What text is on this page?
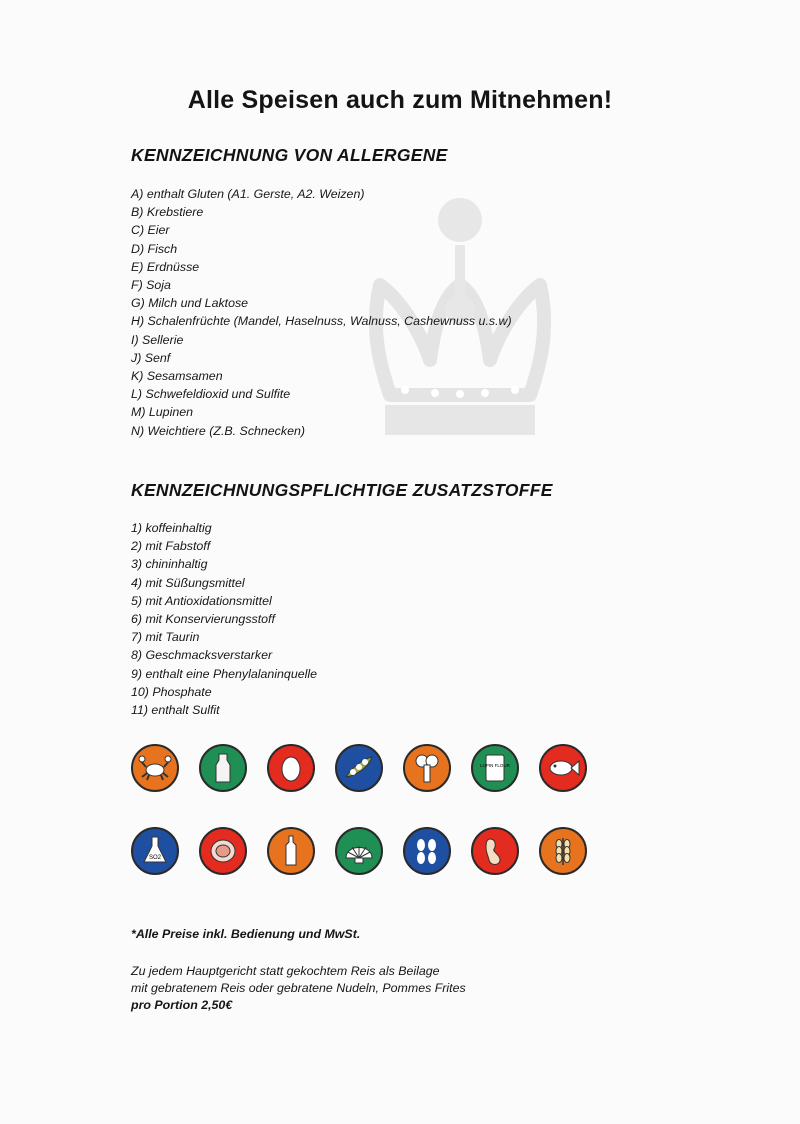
Alle Speisen auch zum Mitnehmen!
KENNZEICHNUNG VON ALLERGENE
A) enthalt Gluten (A1. Gerste, A2. Weizen)
B) Krebstiere
C) Eier
D) Fisch
E) Erdnüsse
F) Soja
G) Milch und Laktose
H) Schalenfrüchte (Mandel, Haselnuss, Walnuss, Cashewnuss u.s.w)
I) Sellerie
J) Senf
K) Sesamsamen
L) Schwefeldioxid und Sulfite
M) Lupinen
N) Weichtiere (Z.B. Schnecken)
KENNZEICHNUNGSPFLICHTIGE ZUSATZSTOFFE
1) koffeinhaltig
2) mit Fabstoff
3) chininhaltig
4) mit Süßungsmittel
5) mit Antioxidationsmittel
6) mit Konservierungsstoff
7) mit Taurin
8) Geschmacksverstarker
9) enthalt eine Phenylalaninquelle
10) Phosphate
11) enthalt Sulfit
LUPIN FLOUR
SO2
*Alle Preise inkl. Bedienung und MwSt.
Zu jedem Hauptgericht statt gekochtem Reis als Beilage
mit gebratenem Reis oder gebratene Nudeln, Pommes Frites
pro Portion 2,50€
